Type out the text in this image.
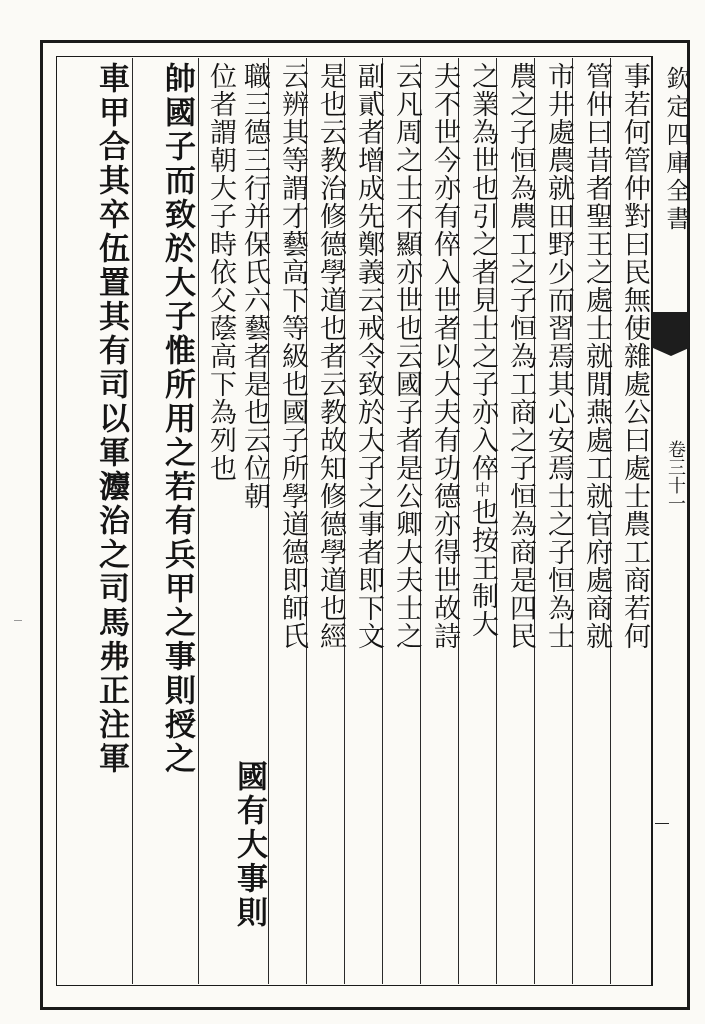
欽定四庫全書
卷三十一
事若何管仲對曰民無使雜處公曰處士農工商若何
管仲曰昔者聖王之處士就閒燕處工就官府處商就
市井處農就田野少而習焉其心安焉士之子恒為士
農之子恒為農工之子恒為工商之子恒為商是四民
之業為世也引之者見士之子亦入倅中也按王制大
夫不世今亦有倅入世者以大夫有功德亦得世故詩
云凡周之士不顯亦世也云國子者是公卿大夫士之
副貳者增成先鄭義云戒令致於大子之事者即下文
是也云教治修德學道也者云教故知修德學道也經
云辨其等謂才藝高下等級也國子所學道德即師氏
職三德三行并保氏六藝者是也云位朝
位者謂朝大子時依父蔭高下為列也
國有大事則
帥國子而致於大子惟所用之若有兵甲之事則授之
車甲合其卒伍置其有司以軍灋治之司馬弗正注軍
